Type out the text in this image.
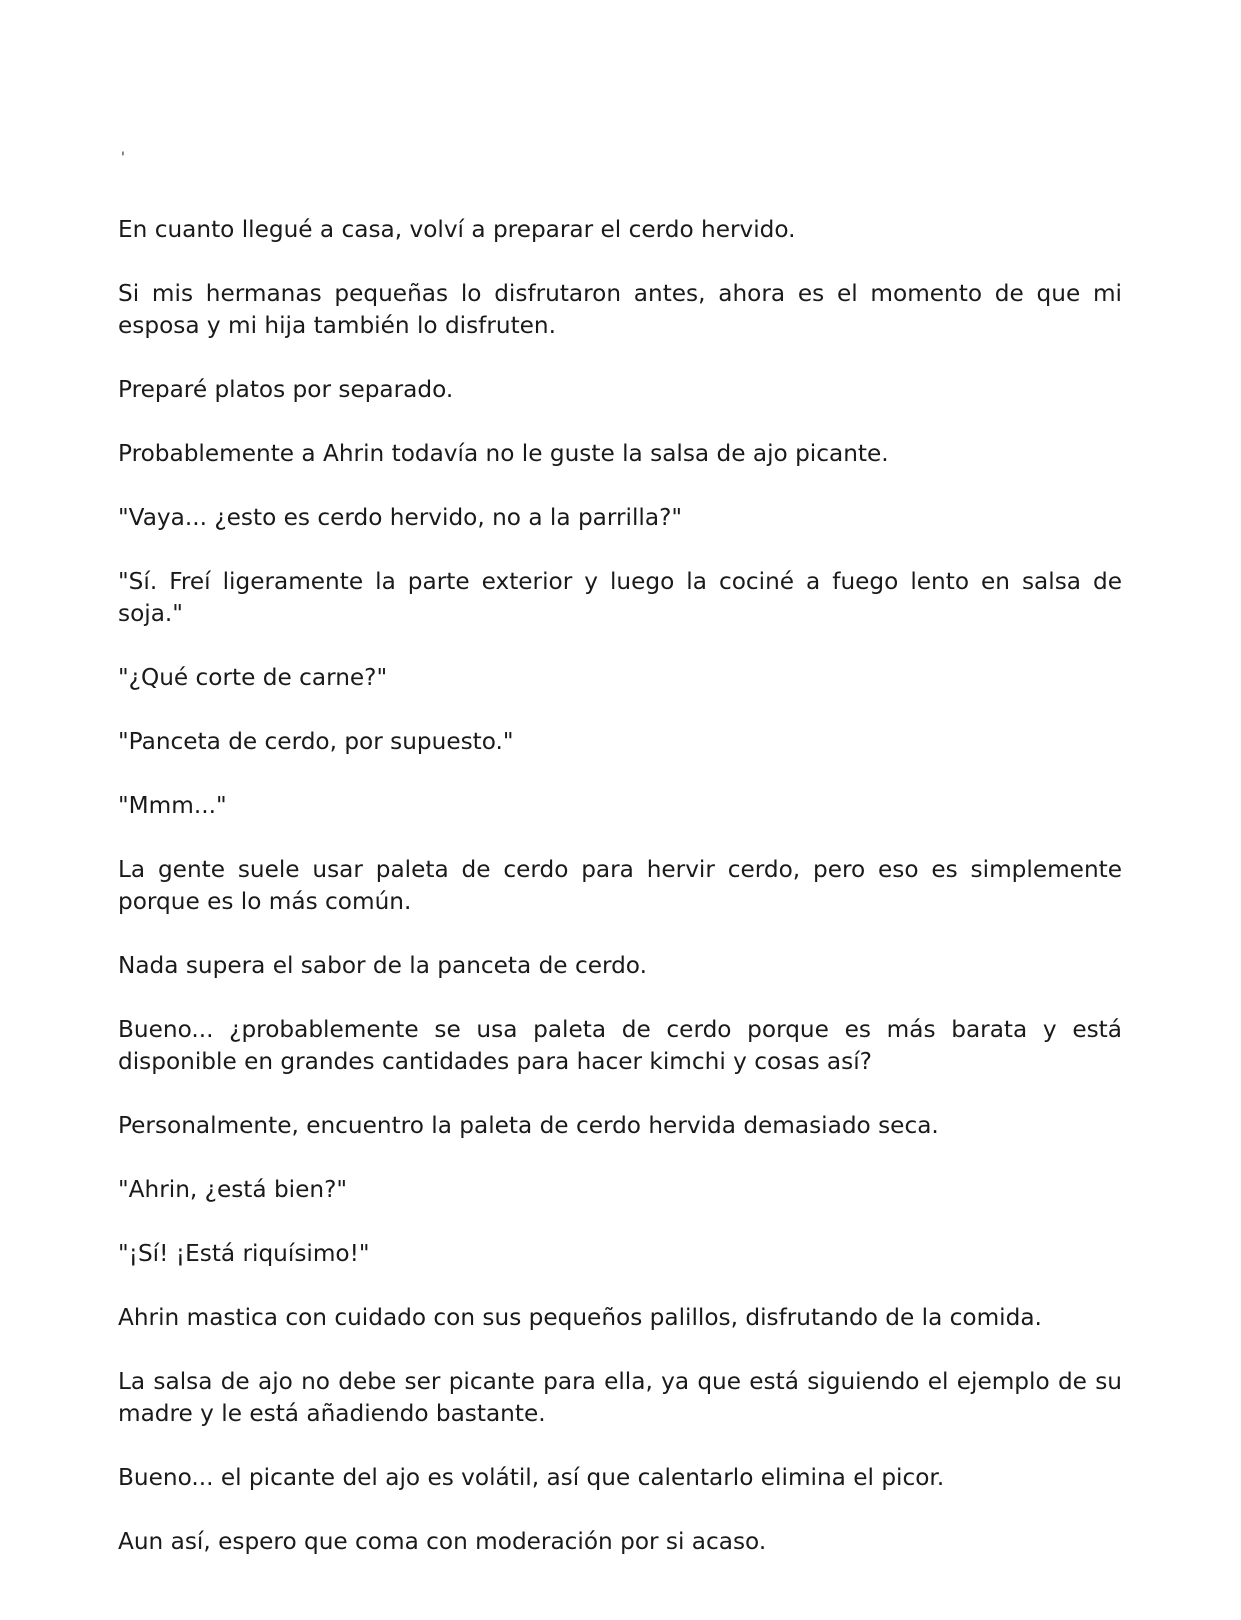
'

En cuanto llegué a casa, volví a preparar el cerdo hervido.

Si mis hermanas pequeñas lo disfrutaron antes, ahora es el momento de que mi esposa y mi hija también lo disfruten.

Preparé platos por separado.

Probablemente a Ahrin todavía no le guste la salsa de ajo picante.

"Vaya... ¿esto es cerdo hervido, no a la parrilla?"

"Sí. Freí ligeramente la parte exterior y luego la cociné a fuego lento en salsa de soja."

"¿Qué corte de carne?"

"Panceta de cerdo, por supuesto."

"Mmm..."

La gente suele usar paleta de cerdo para hervir cerdo, pero eso es simplemente porque es lo más común.

Nada supera el sabor de la panceta de cerdo.

Bueno... ¿probablemente se usa paleta de cerdo porque es más barata y está disponible en grandes cantidades para hacer kimchi y cosas así?

Personalmente, encuentro la paleta de cerdo hervida demasiado seca.

"Ahrin, ¿está bien?"

"¡Sí! ¡Está riquísimo!"

Ahrin mastica con cuidado con sus pequeños palillos, disfrutando de la comida.

La salsa de ajo no debe ser picante para ella, ya que está siguiendo el ejemplo de su madre y le está añadiendo bastante.

Bueno... el picante del ajo es volátil, así que calentarlo elimina el picor.

Aun así, espero que coma con moderación por si acaso.
